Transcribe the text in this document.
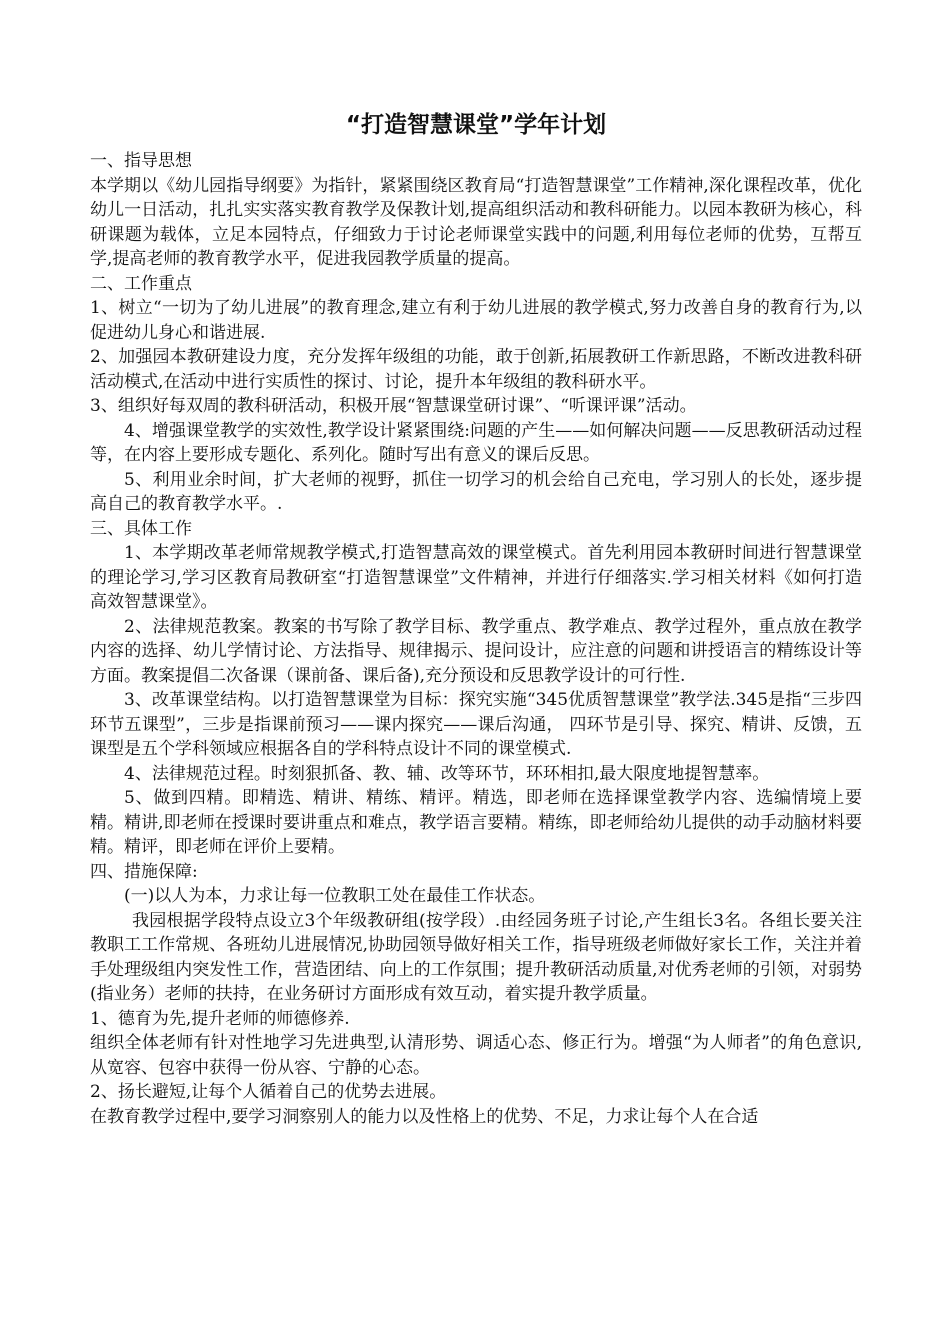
“打造智慧课堂”学年计划

一、指导思想

本学期以《幼儿园指导纲要》为指针，紧紧围绕区教育局“打造智慧课堂”工作精神,深化课程改革，优化幼儿一日活动，扎扎实实落实教育教学及保教计划,提高组织活动和教科研能力。以园本教研为核心，科研课题为载体，立足本园特点，仔细致力于讨论老师课堂实践中的问题,利用每位老师的优势，互帮互学,提高老师的教育教学水平，促进我园教学质量的提高。

二、工作重点

1、树立“一切为了幼儿进展”的教育理念,建立有利于幼儿进展的教学模式,努力改善自身的教育行为,以促进幼儿身心和谐进展.

2、加强园本教研建设力度，充分发挥年级组的功能，敢于创新,拓展教研工作新思路，不断改进教科研活动模式,在活动中进行实质性的探讨、讨论，提升本年级组的教科研水平。

3、组织好每双周的教科研活动，积极开展“智慧课堂研讨课”、“听课评课”活动。

4、增强课堂教学的实效性,教学设计紧紧围绕:问题的产生——如何解决问题——反思教研活动过程等，在内容上要形成专题化、系列化。随时写出有意义的课后反思。

5、利用业余时间，扩大老师的视野，抓住一切学习的机会给自己充电，学习别人的长处，逐步提高自己的教育教学水平。.

三、具体工作

1、本学期改革老师常规教学模式,打造智慧高效的课堂模式。首先利用园本教研时间进行智慧课堂的理论学习,学习区教育局教研室“打造智慧课堂”文件精神，并进行仔细落实.学习相关材料《如何打造高效智慧课堂》。

2、法律规范教案。教案的书写除了教学目标、教学重点、教学难点、教学过程外，重点放在教学内容的选择、幼儿学情讨论、方法指导、规律揭示、提问设计，应注意的问题和讲授语言的精练设计等方面。教案提倡二次备课（课前备、课后备),充分预设和反思教学设计的可行性.

3、改革课堂结构。以打造智慧课堂为目标：探究实施“345优质智慧课堂”教学法.345是指“三步四环节五课型”，三步是指课前预习——课内探究——课后沟通， 四环节是引导、探究、精讲、反馈，五课型是五个学科领域应根据各自的学科特点设计不同的课堂模式.

4、法律规范过程。时刻狠抓备、教、辅、改等环节，环环相扣,最大限度地提智慧率。

5、做到四精。即精选、精讲、精练、精评。精选，即老师在选择课堂教学内容、选编情境上要精。精讲,即老师在授课时要讲重点和难点，教学语言要精。精练，即老师给幼儿提供的动手动脑材料要精。精评，即老师在评价上要精。

四、措施保障:

(一)以人为本，力求让每一位教职工处在最佳工作状态。

我园根据学段特点设立3个年级教研组(按学段）.由经园务班子讨论,产生组长3名。各组长要关注教职工工作常规、各班幼儿进展情况,协助园领导做好相关工作，指导班级老师做好家长工作，关注并着手处理级组内突发性工作，营造团结、向上的工作氛围；提升教研活动质量,对优秀老师的引领，对弱势(指业务）老师的扶持，在业务研讨方面形成有效互动，着实提升教学质量。

1、德育为先,提升老师的师德修养.

组织全体老师有针对性地学习先进典型,认清形势、调适心态、修正行为。增强“为人师者”的角色意识,从宽容、包容中获得一份从容、宁静的心态。

2、扬长避短,让每个人循着自己的优势去进展。

在教育教学过程中,要学习洞察别人的能力以及性格上的优势、不足，力求让每个人在合适
